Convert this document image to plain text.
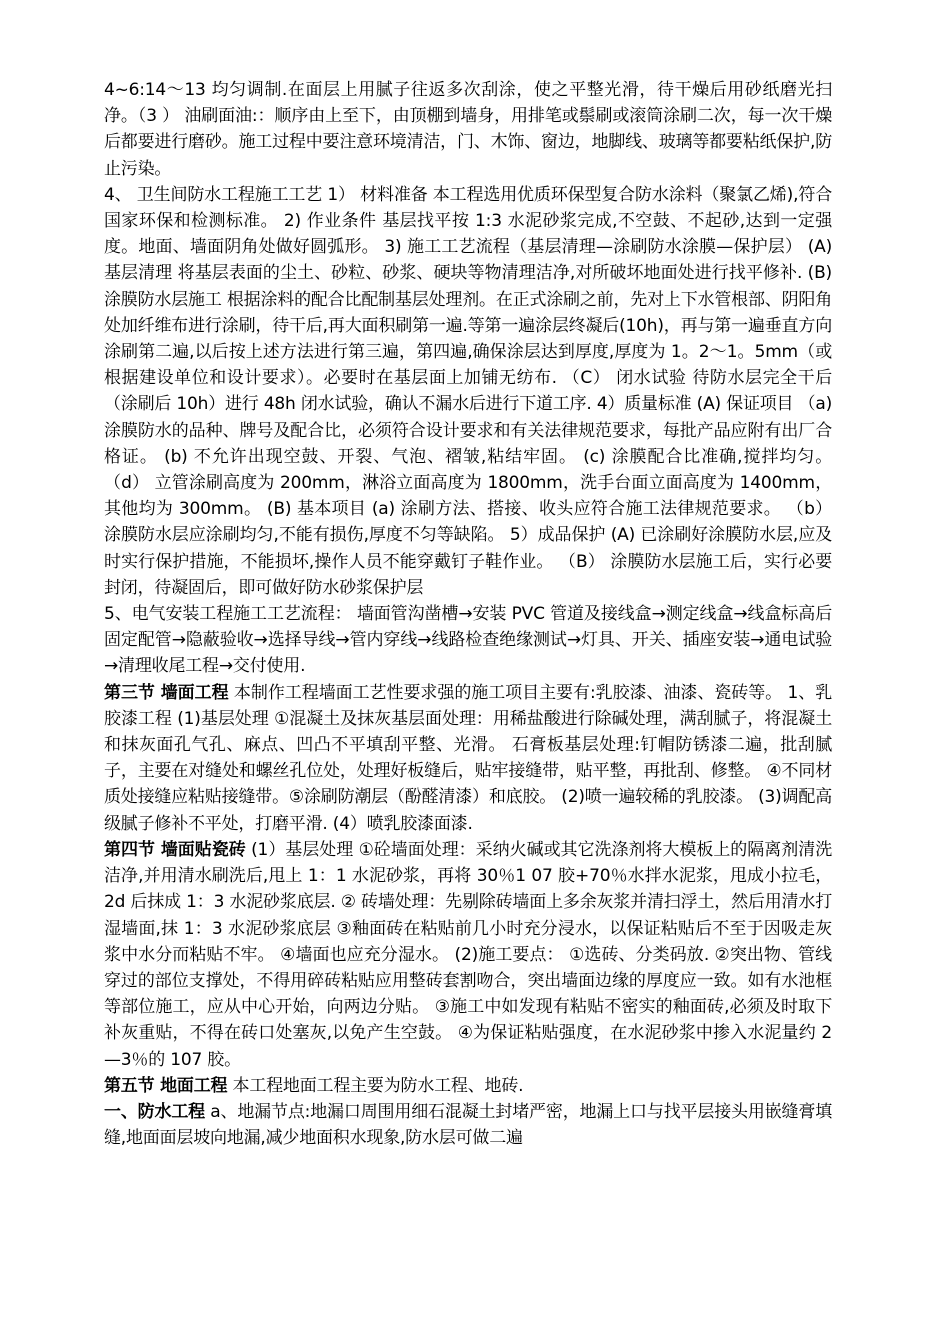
4~6:14～13 均匀调制.在面层上用腻子往返多次刮涂，使之平整光滑，待干燥后用砂纸磨光扫净。（3 ） 油刷面油:：顺序由上至下，由顶棚到墙身，用排笔或鬃刷或滚筒涂刷二次，每一次干燥后都要进行磨砂。施工过程中要注意环境清洁，门、木饰、窗边，地脚线、玻璃等都要粘纸保护,防止污染。

4、 卫生间防水工程施工工艺 1） 材料准备 本工程选用优质环保型复合防水涂料（聚氯乙烯),符合国家环保和检测标准。 2) 作业条件 基层找平按 1:3 水泥砂浆完成,不空鼓、不起砂,达到一定强度。地面、墙面阴角处做好圆弧形。 3) 施工工艺流程（基层清理—涂刷防水涂膜—保护层） (A) 基层清理 将基层表面的尘土、砂粒、砂浆、硬块等物清理洁净,对所破坏地面处进行找平修补. (B) 涂膜防水层施工 根据涂料的配合比配制基层处理剂。在正式涂刷之前，先对上下水管根部、阴阳角处加纤维布进行涂刷，待干后,再大面积刷第一遍.等第一遍涂层终凝后(10h)，再与第一遍垂直方向涂刷第二遍,以后按上述方法进行第三遍，第四遍,确保涂层达到厚度,厚度为 1。2～1。5mm（或根据建设单位和设计要求）。必要时在基层面上加铺无纺布. （C） 闭水试验 待防水层完全干后（涂刷后 10h）进行 48h 闭水试验，确认不漏水后进行下道工序. 4）质量标准 (A) 保证项目 （a) 涂膜防水的品种、牌号及配合比，必须符合设计要求和有关法律规范要求，每批产品应附有出厂合格证。 (b) 不允许出现空鼓、开裂、气泡、褶皱,粘结牢固。 (c) 涂膜配合比准确,搅拌均匀。 （d） 立管涂刷高度为 200mm，淋浴立面高度为 1800mm，洗手台面立面高度为 1400mm，其他均为 300mm。 (B) 基本项目 (a) 涂刷方法、搭接、收头应符合施工法律规范要求。 （b） 涂膜防水层应涂刷均匀,不能有损伤,厚度不匀等缺陷。 5）成品保护 (A) 已涂刷好涂膜防水层,应及时实行保护措施，不能损坏,操作人员不能穿戴钉子鞋作业。 （B） 涂膜防水层施工后，实行必要封闭，待凝固后，即可做好防水砂浆保护层

5、电气安装工程施工工艺流程： 墙面管沟凿槽→安装 PVC 管道及接线盒→测定线盒→线盒标高后固定配管→隐蔽验收→选择导线→管内穿线→线路检查绝缘测试→灯具、开关、插座安装→通电试验→清理收尾工程→交付使用.

第三节 墙面工程 本制作工程墙面工艺性要求强的施工项目主要有:乳胶漆、油漆、瓷砖等。 1、乳胶漆工程 (1)基层处理 ①混凝土及抹灰基层面处理：用稀盐酸进行除碱处理，满刮腻子，将混凝土和抹灰面孔气孔、麻点、凹凸不平填刮平整、光滑。 石膏板基层处理:钉帽防锈漆二遍，批刮腻子，主要在对缝处和螺丝孔位处，处理好板缝后，贴牢接缝带，贴平整，再批刮、修整。 ④不同材质处接缝应粘贴接缝带。⑤涂刷防潮层（酚醛清漆）和底胶。 (2)喷一遍较稀的乳胶漆。 (3)调配高级腻子修补不平处，打磨平滑. (4）喷乳胶漆面漆.

第四节 墙面贴瓷砖 (1）基层处理 ①砼墙面处理：采纳火碱或其它洗涤剂将大模板上的隔离剂清洗洁净,并用清水刷洗后,甩上 1：1 水泥砂浆，再将 30％1 07 胶+70％水拌水泥浆，甩成小拉毛，2d 后抹成 1：3 水泥砂浆底层. ② 砖墙处理：先剔除砖墙面上多余灰浆并清扫浮土，然后用清水打湿墙面,抹 1：3 水泥砂浆底层 ③釉面砖在粘贴前几小时充分浸水，以保证粘贴后不至于因吸走灰浆中水分而粘贴不牢。 ④墙面也应充分湿水。 (2)施工要点： ①选砖、分类码放. ②突出物、管线穿过的部位支撑处，不得用碎砖粘贴应用整砖套割吻合，突出墙面边缘的厚度应一致。如有水池框等部位施工，应从中心开始，向两边分贴。 ③施工中如发现有粘贴不密实的釉面砖,必须及时取下补灰重贴，不得在砖口处塞灰,以免产生空鼓。 ④为保证粘贴强度，在水泥砂浆中掺入水泥量约 2—3％的 107 胶。

第五节 地面工程 本工程地面工程主要为防水工程、地砖.

一、防水工程 a、地漏节点:地漏口周围用细石混凝土封堵严密，地漏上口与找平层接头用嵌缝膏填缝,地面面层坡向地漏,减少地面积水现象,防水层可做二遍
